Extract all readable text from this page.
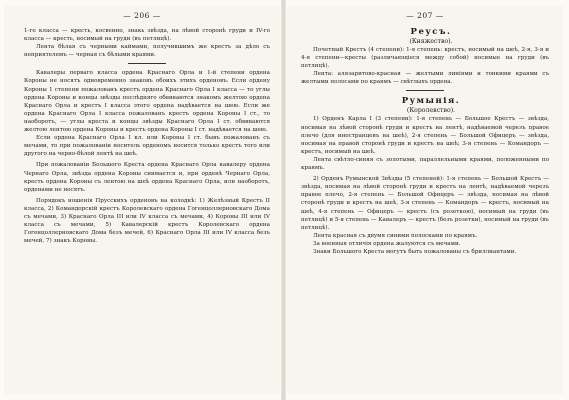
— 206 —

1-го класса — кресть, косвенно, знакь звѣзда, на лѣвой сторонѣ груди и IV-го класса — кресть, носимый на груди (въ петлицѣ).

Лента бѣлая съ черными каймами, получившимъ же крестъ за дѣло съ неприятелемъ — черная съ бѣлыми краями.

Кавалеры перваго класса ордена Краснаго Орла и 1-й степени ордена Короны не носятъ одновременно знаковъ обоихъ этихъ орденовъ. Если ордену Короны 1 степени пожалованъ крестъ ордена Краснаго Орла I класса — то углы ордена Короны и концы звѣзды послѣдняго обвиваются знакомъ желтою ордена Краснаго Орла и крестъ I класса этого ордена надѣвается на шею. Если же ордена Краснаго Орла I класса пожалованъ крестъ ордена Короны I ст., то наоборотъ, — углы креста и концы звѣзды Краснаго Орла I ст. обвиваются желтою лентою ордена Короны и крестъ ордена Короны I ст. надѣвается на шею.

Если ордена Краснаго Орла I кл. или Короны I ст. бывъ пожалованъ съ мечами, то при пожалованіи носитель орденомъ носится только крестъ того или другого на черно-бѣлой лентѣ на шеѣ.

При пожалованіи Большого Креста ордена Краснаго Орла кавалеру ордена Чернаго Орла, звѣзда ордена Короны снимается и, при орденѣ Чернаго Орла, кресть ордена Короны съ лентою на шеѣ ордена Краснаго Орла, или наоборотъ, орденами не носятъ.

Порядокъ ношенія Прусскихъ орденовъ на колодкѣ: 1) Желѣзный Крестъ II класса, 2) Командорскій крестъ Королевскаго ордена Гогенцоллерновскаго Дома съ мечами, 3) Краснаго Орла III или IV класса съ мечами, 4) Короны III или IV класса съ мечами, 5) Кавалерскій крестъ Королевскаго ордена Гогенцоллерновскаго Дома безъ мечей, 6) Краснаго Орла III или IV класса безъ мечей, 7) знакъ Короны.

— 207 —

Реусъ.

(Княжество).

Почетный Крестъ (4 степени): 1-я степень: крестъ, носимый на шеѣ, 2-я, 3-я и 4-я степени—кресты (различающіеся между собой) носимые на груди (въ петлицѣ).

Лента: алязаритово-красная — желтыми линіями и тонкими краями съ желтыми полосами по краямъ — свѣтлыхъ ордена.

Румынія.

(Королевство).

1) Орденъ Карла I (3 степени): 1-я степень — Большое Крестъ — звѣзда, носимая на лѣвой сторонѣ груди и крестъ на лентѣ, надѣваемой черезъ правое плечо (для иностранцевъ на шеѣ), 2-я степень — Большой Офицеръ — звѣзда, носимая на правой сторонѣ груди и крестъ на шеѣ; 3-я степень — Командоръ — крестъ, носимый на шеѣ.

Лента свѣтло-синяя съ золотыми, параллельными краями, положенными по краямъ.

2) Орденъ Румынской Звѣзды (5 степеней): 1-я степень — Большой Крестъ — звѣзда, носимая на лѣвой сторонѣ груди и крестъ на лентѣ, надѣваемой черезъ правое плечо, 2-я степень — Большой Офицеръ — звѣзда, носимая на лѣвой сторонѣ груди и крестъ на шеѣ, 3-я степень — Командоръ — крестъ, носимый на шеѣ, 4-я степень — Офицеръ — крестъ (съ розеткою), носимый на груди (въ петлицѣ) и 5-я степень — Кавалеръ — крестъ (безъ розетки), носимый на груди (въ петлицѣ).

Лента красная съ двумя синими полосками по краямъ.

За военныя отличія ордена жалуются съ мечами.

Знаки Большого Креста могутъ быть пожалованы съ бриллиантами.
